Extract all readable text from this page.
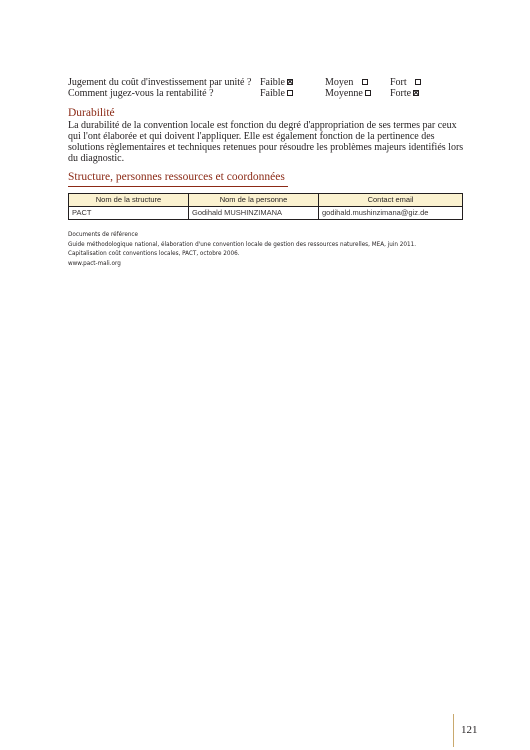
Jugement du coût d'investissement par unité ? Faible	Moyen	Fort
Comment jugez-vous la rentabilité ?	Faible	Moyenne	Forte
Durabilité
La durabilité de la convention locale est fonction du degré d'appropriation de ses termes par ceux qui l'ont élaborée et qui doivent l'appliquer. Elle est également fonction de la pertinence des solutions règlementaires et techniques retenues pour résoudre les problèmes majeurs identifiés lors du diagnostic.
Structure, personnes ressources et coordonnées
Nom de la structure	Nom de la personne	Contact email
PACT	Godihald MUSHINZIMANA	godihald.mushinzimana@giz.de
Documents de référence
Guide méthodologique national, élaboration d'une convention locale de gestion des ressources naturelles, MEA, juin 2011.
Capitalisation coût conventions locales, PACT, octobre 2006.
www.pact-mali.org
121
